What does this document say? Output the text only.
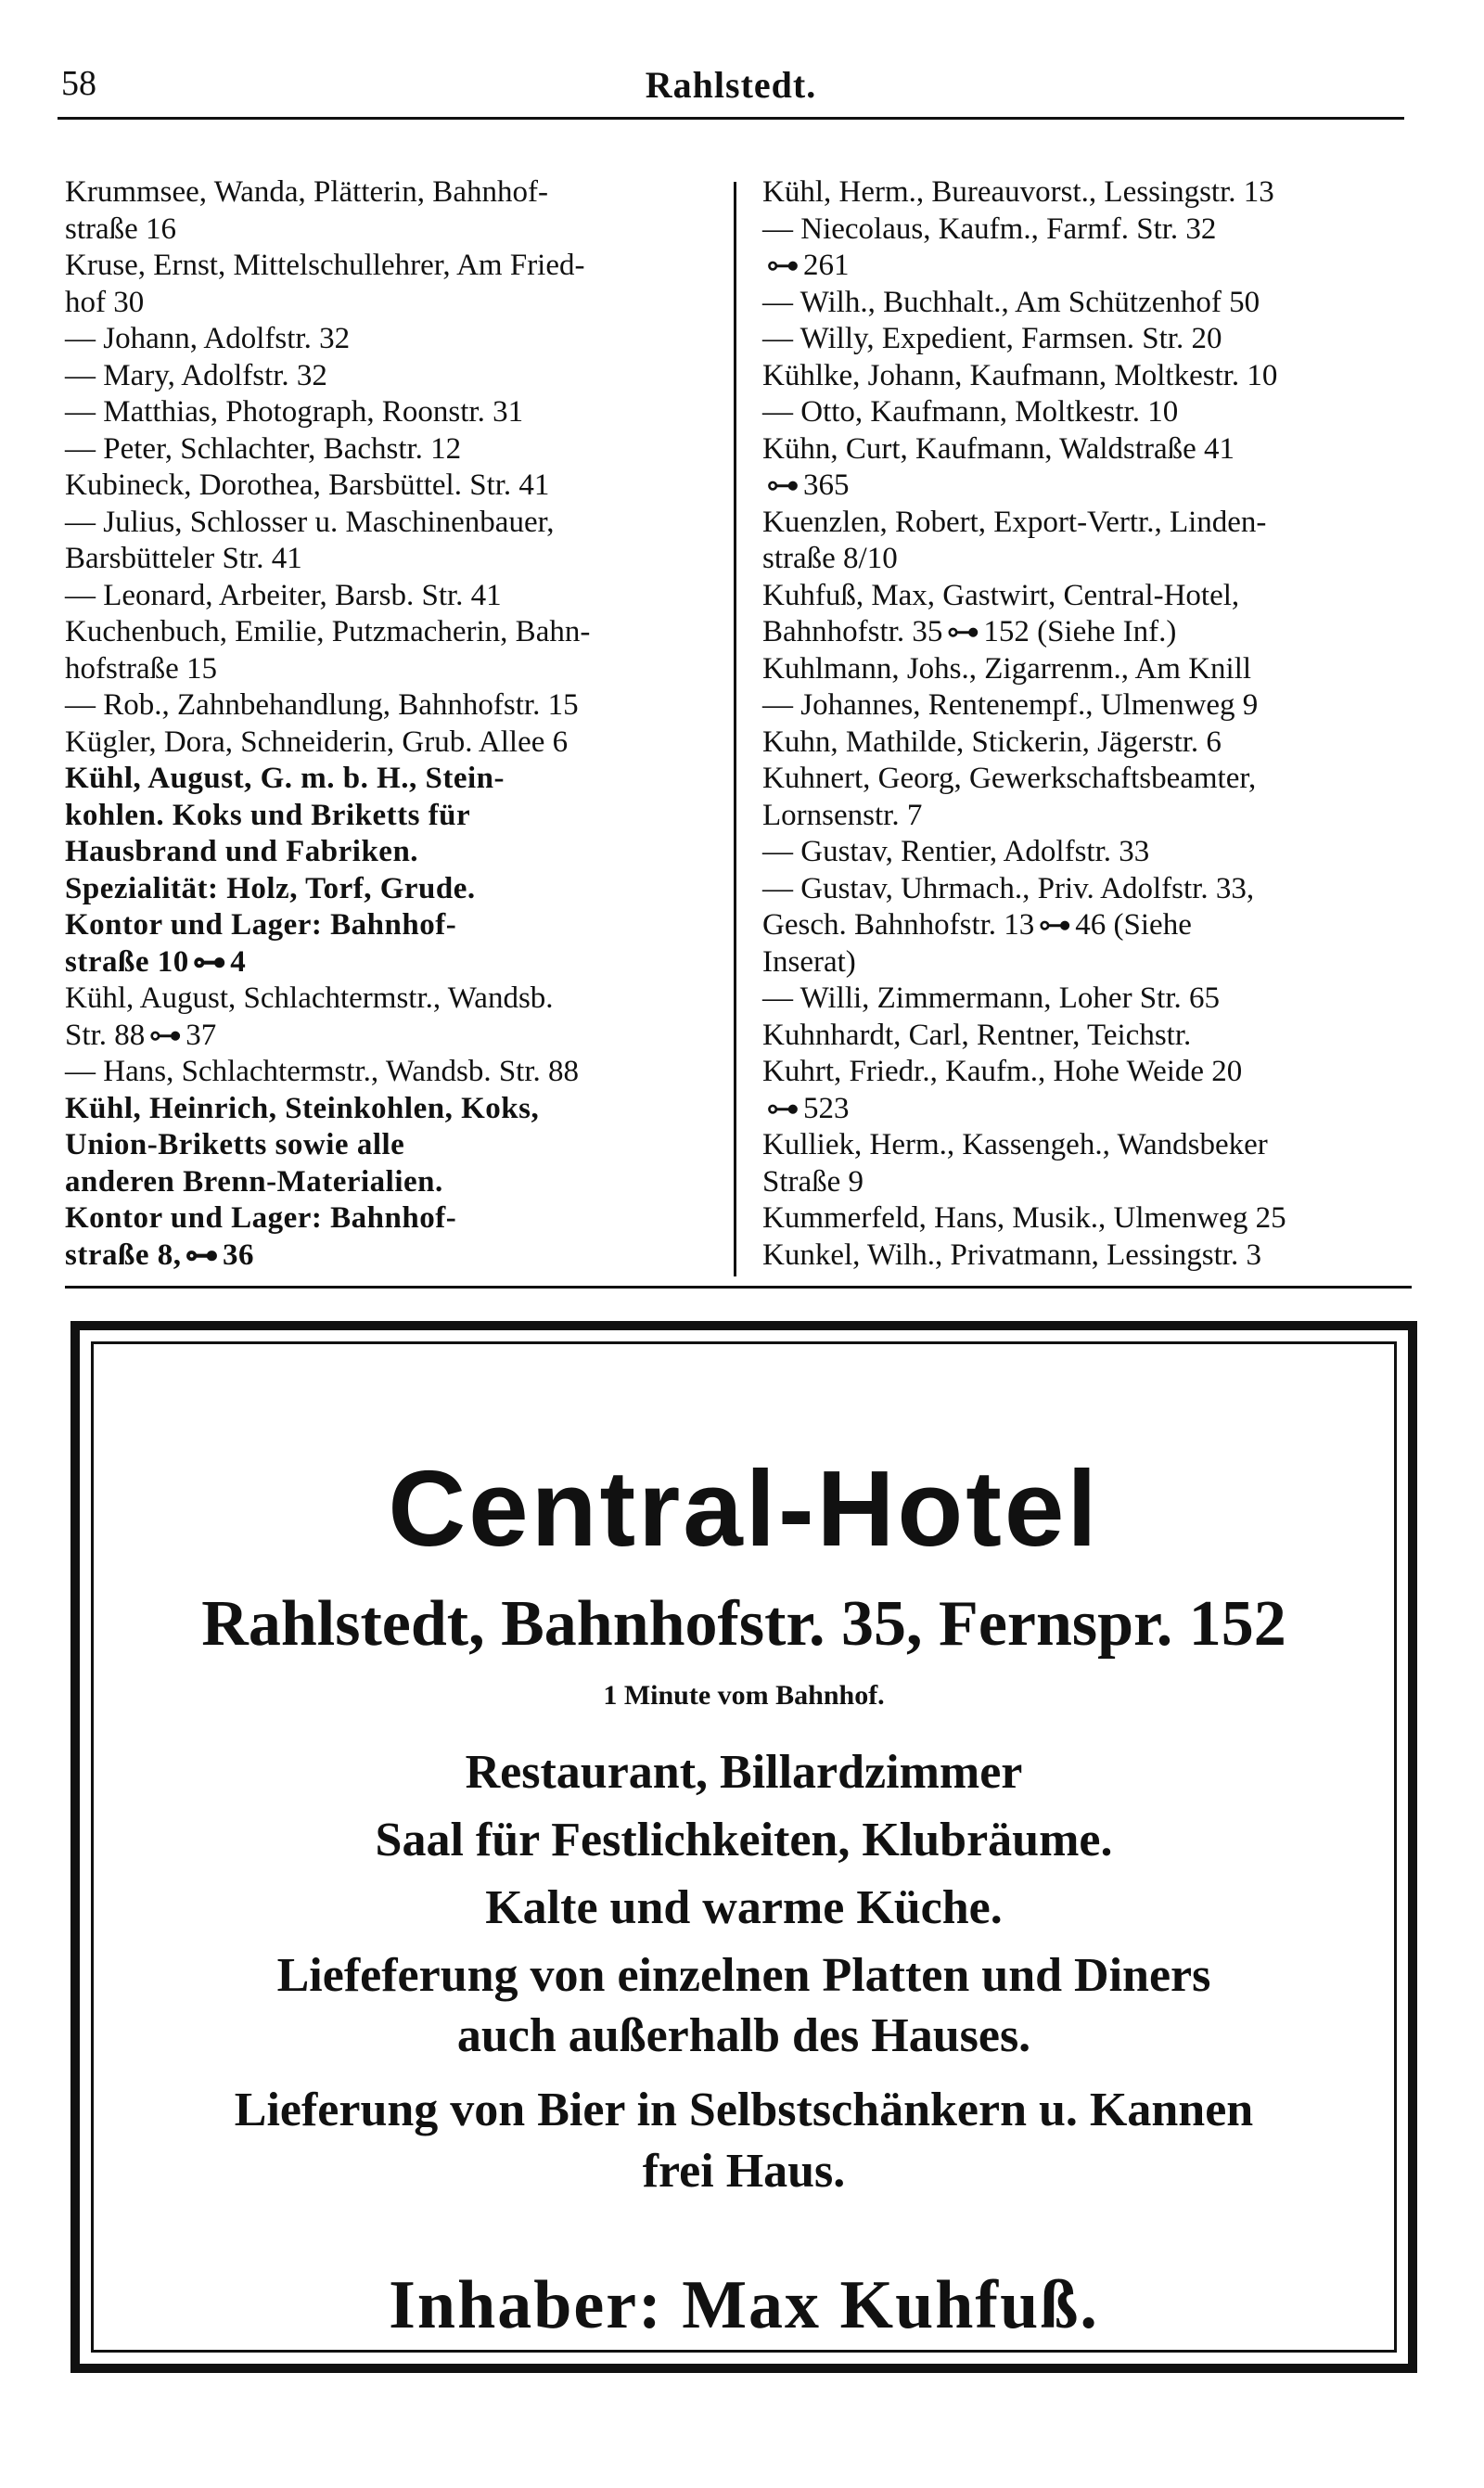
58	Rahlstedt.
Krummsee, Wanda, Plätterin, Bahnhof-
straße 16
Kruse, Ernst, Mittelschullehrer, Am Fried-
hof 30
— Johann, Adolfstr. 32
— Mary, Adolfstr. 32
— Matthias, Photograph, Roonstr. 31
— Peter, Schlachter, Bachstr. 12
Kubineck, Dorothea, Barsbüttel. Str. 41
— Julius, Schlosser u. Maschinenbauer,
Barsbütteler Str. 41
— Leonard, Arbeiter, Barsb. Str. 41
Kuchenbuch, Emilie, Putzmacherin, Bahn-
hofstraße 15
— Rob., Zahnbehandlung, Bahnhofstr. 15
Kügler, Dora, Schneiderin, Grub. Allee 6
Kühl, August, G. m. b. H., Stein-
kohlen. Koks und Briketts für
Hausbrand und Fabriken.
Spezialität: Holz, Torf, Grude.
Kontor und Lager: Bahnhof-
straße 10 ⊶ 4
Kühl, August, Schlachtermstr., Wandsb.
Str. 88 ⊶ 37
— Hans, Schlachtermstr., Wandsb. Str. 88
Kühl, Heinrich, Steinkohlen, Koks,
Union-Briketts sowie alle
anderen Brenn-Materialien.
Kontor und Lager: Bahnhof-
straße 8, ⊶ 36
Kühl, Herm., Bureauvorst., Lessingstr. 13
— Niecolaus, Kaufm., Farmf. Str. 32
⊶ 261
— Wilh., Buchhalt., Am Schützenhof 50
— Willy, Expedient, Farmsen. Str. 20
Kühlke, Johann, Kaufmann, Moltkestr. 10
— Otto, Kaufmann, Moltkestr. 10
Kühn, Curt, Kaufmann, Waldstraße 41
⊶ 365
Kuenzlen, Robert, Export-Vertr., Linden-
straße 8/10
Kuhfuß, Max, Gastwirt, Central-Hotel,
Bahnhofstr. 35 ⊶ 152 (Siehe Inf.)
Kuhlmann, Johs., Zigarrenm., Am Knill
— Johannes, Rentenempf., Ulmenweg 9
Kuhn, Mathilde, Stickerin, Jägerstr. 6
Kuhnert, Georg, Gewerkschaftsbeamter,
Lornsenstr. 7
— Gustav, Rentier, Adolfstr. 33
— Gustav, Uhrmach., Priv. Adolfstr. 33,
Gesch. Bahnhofstr. 13 ⊶ 46 (Siehe
Inserat)
— Willi, Zimmermann, Loher Str. 65
Kuhnhardt, Carl, Rentner, Teichstr.
Kuhrt, Friedr., Kaufm., Hohe Weide 20
⊶ 523
Kulliek, Herm., Kassengeh., Wandsbeker
Straße 9
Kummerfeld, Hans, Musik., Ulmenweg 25
Kunkel, Wilh., Privatmann, Lessingstr. 3
Central-Hotel
Rahlstedt, Bahnhofstr. 35, Fernspr. 152
1 Minute vom Bahnhof.
Restaurant, Billardzimmer
Saal für Festlichkeiten, Klubräume.
Kalte und warme Küche.
Liefeferung von einzelnen Platten und Diners
auch außerhalb des Hauses.
Lieferung von Bier in Selbstschänkern u. Kannen
frei Haus.
Inhaber: Max Kuhfuß.
